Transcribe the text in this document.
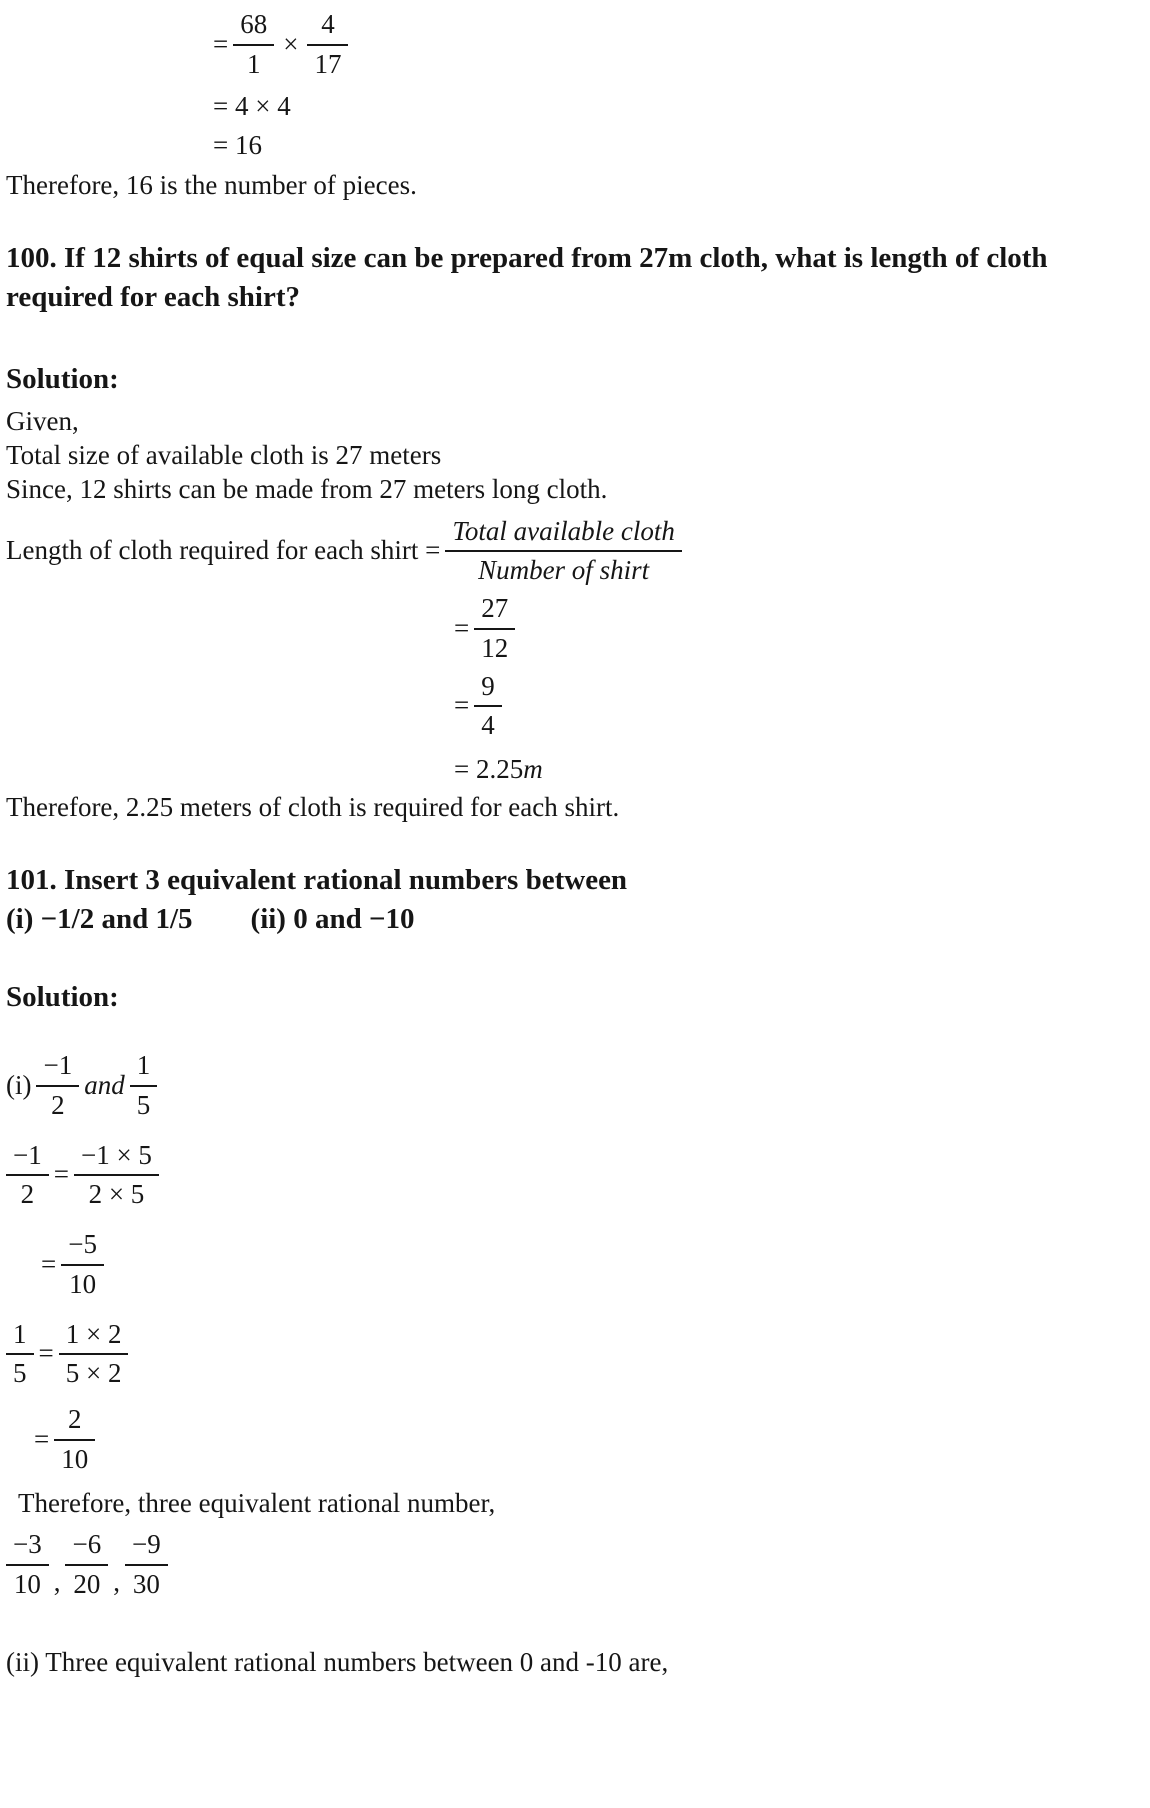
= $\frac{68}{1} \times \frac{4}{17}$
= 4 × 4
= 16
Therefore, 16 is the number of pieces.
100. If 12 shirts of equal size can be prepared from 27m cloth, what is length of cloth required for each shirt?
Solution:
Given,
Total size of available cloth is 27 meters
Since, 12 shirts can be made from 27 meters long cloth.
Length of cloth required for each shirt = $\frac{\text{Total available cloth}}{\text{Number of shirt}}$
= $\frac{27}{12}$
= $\frac{9}{4}$
= 2.25 m
Therefore, 2.25 meters of cloth is required for each shirt.
101. Insert 3 equivalent rational numbers between
(i) −1/2 and 1/5 (ii) 0 and −10
Solution:
$(i) \frac{-1}{2}$ and $\frac{1}{5}$
$\frac{-1}{2} = \frac{-1 \times 5}{2 \times 5}$
= $\frac{-5}{10}$
$\frac{1}{5} = \frac{1 \times 2}{5 \times 2}$
= $\frac{2}{10}$
Therefore, three equivalent rational number,
$\frac{-3}{10}$ , $\frac{-6}{20}$ , $\frac{-9}{30}$
(ii) Three equivalent rational numbers between 0 and -10 are,
